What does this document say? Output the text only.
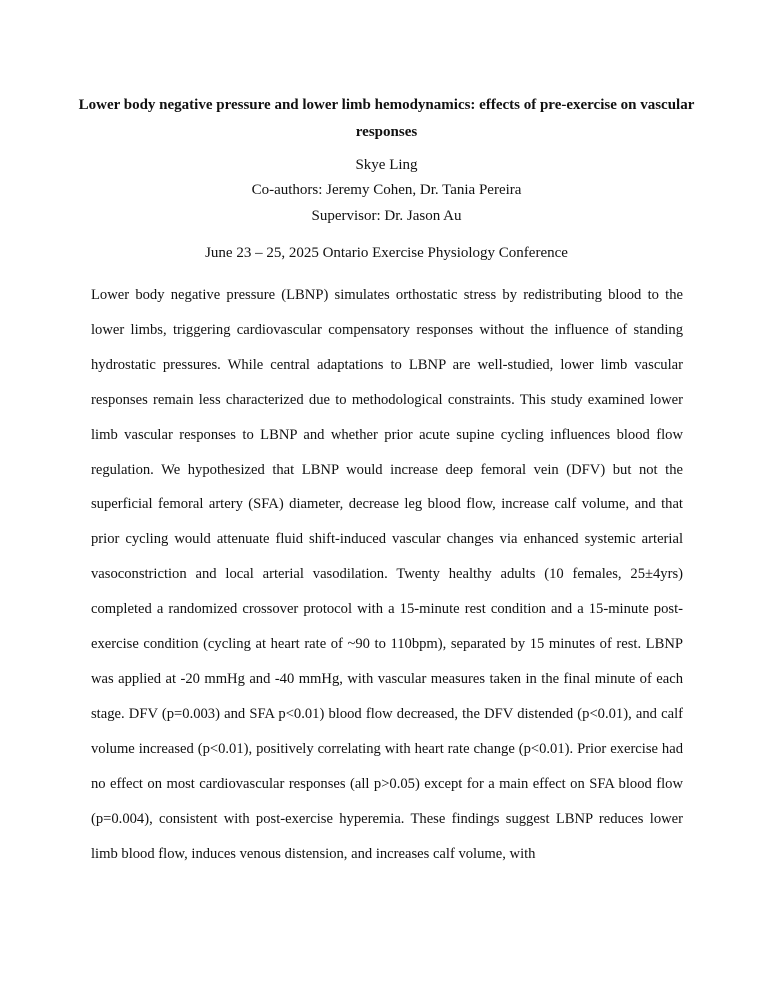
Lower body negative pressure and lower limb hemodynamics: effects of pre-exercise on vascular responses

Skye Ling

Co-authors: Jeremy Cohen, Dr. Tania Pereira

Supervisor: Dr. Jason Au

June 23 – 25, 2025 Ontario Exercise Physiology Conference

Lower body negative pressure (LBNP) simulates orthostatic stress by redistributing blood to the lower limbs, triggering cardiovascular compensatory responses without the influence of standing hydrostatic pressures. While central adaptations to LBNP are well-studied, lower limb vascular responses remain less characterized due to methodological constraints. This study examined lower limb vascular responses to LBNP and whether prior acute supine cycling influences blood flow regulation. We hypothesized that LBNP would increase deep femoral vein (DFV) but not the superficial femoral artery (SFA) diameter, decrease leg blood flow, increase calf volume, and that prior cycling would attenuate fluid shift-induced vascular changes via enhanced systemic arterial vasoconstriction and local arterial vasodilation. Twenty healthy adults (10 females, 25±4yrs) completed a randomized crossover protocol with a 15-minute rest condition and a 15-minute post-exercise condition (cycling at heart rate of ~90 to 110bpm), separated by 15 minutes of rest. LBNP was applied at -20 mmHg and -40 mmHg, with vascular measures taken in the final minute of each stage. DFV (p=0.003) and SFA p<0.01) blood flow decreased, the DFV distended (p<0.01), and calf volume increased (p<0.01), positively correlating with heart rate change (p<0.01). Prior exercise had no effect on most cardiovascular responses (all p>0.05) except for a main effect on SFA blood flow (p=0.004), consistent with post-exercise hyperemia. These findings suggest LBNP reduces lower limb blood flow, induces venous distension, and increases calf volume, with
